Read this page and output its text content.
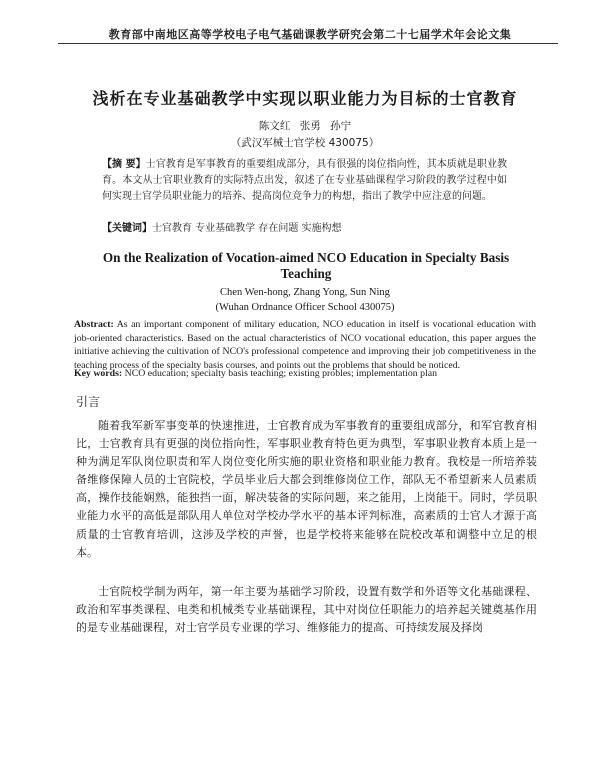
教育部中南地区高等学校电子电气基础课教学研究会第二十七届学术年会论文集
浅析在专业基础教学中实现以职业能力为目标的士官教育
陈文红 张勇 孙宁
（武汉军械士官学校 430075）
【摘 要】士官教育是军事教育的重要组成部分，具有很强的岗位指向性，其本质就是职业教育。本文从士官职业教育的实际特点出发，叙述了在专业基础课程学习阶段的教学过程中如何实现士官学员职业能力的培养、提高岗位竞争力的构想，指出了教学中应注意的问题。
【关键词】士官教育 专业基础教学 存在问题 实施构想
On the Realization of Vocation-aimed NCO Education in Specialty Basis Teaching
Chen Wen-hong, Zhang Yong, Sun Ning
(Wuhan Ordnance Officer School 430075)
Abstract: As an important component of military education, NCO education in itself is vocational education with job-oriented characteristics. Based on the actual characteristics of NCO vocational education, this paper argues the initiative achieving the cultivation of NCO's professional competence and improving their job competitiveness in the teaching process of the specialty basis courses, and points out the problems that should be noticed.
Key words: NCO education; specialty basis teaching; existing probles; implementation plan
引言
随着我军新军事变革的快速推进，士官教育成为军事教育的重要组成部分，和军官教育相比，士官教育具有更强的岗位指向性，军事职业教育特色更为典型，军事职业教育本质上是一种为满足军队岗位职责和军人岗位变化所实施的职业资格和职业能力教育。我校是一所培养装备维修保障人员的士官院校，学员毕业后大都会到维修岗位工作，部队无不希望新来人员素质高，操作技能娴熟，能独挡一面，解决装备的实际问题，来之能用，上岗能干。同时，学员职业能力水平的高低是部队用人单位对学校办学水平的基本评判标准，高素质的士官人才源于高质量的士官教育培训，这涉及学校的声誉，也是学校将来能够在院校改革和调整中立足的根本。
士官院校学制为两年，第一年主要为基础学习阶段，设置有数学和外语等文化基础课程、政治和军事类课程、电类和机械类专业基础课程，其中对岗位任职能力的培养起关键奠基作用的是专业基础课程，对士官学员专业课的学习、维修能力的提高、可持续发展及择岗
